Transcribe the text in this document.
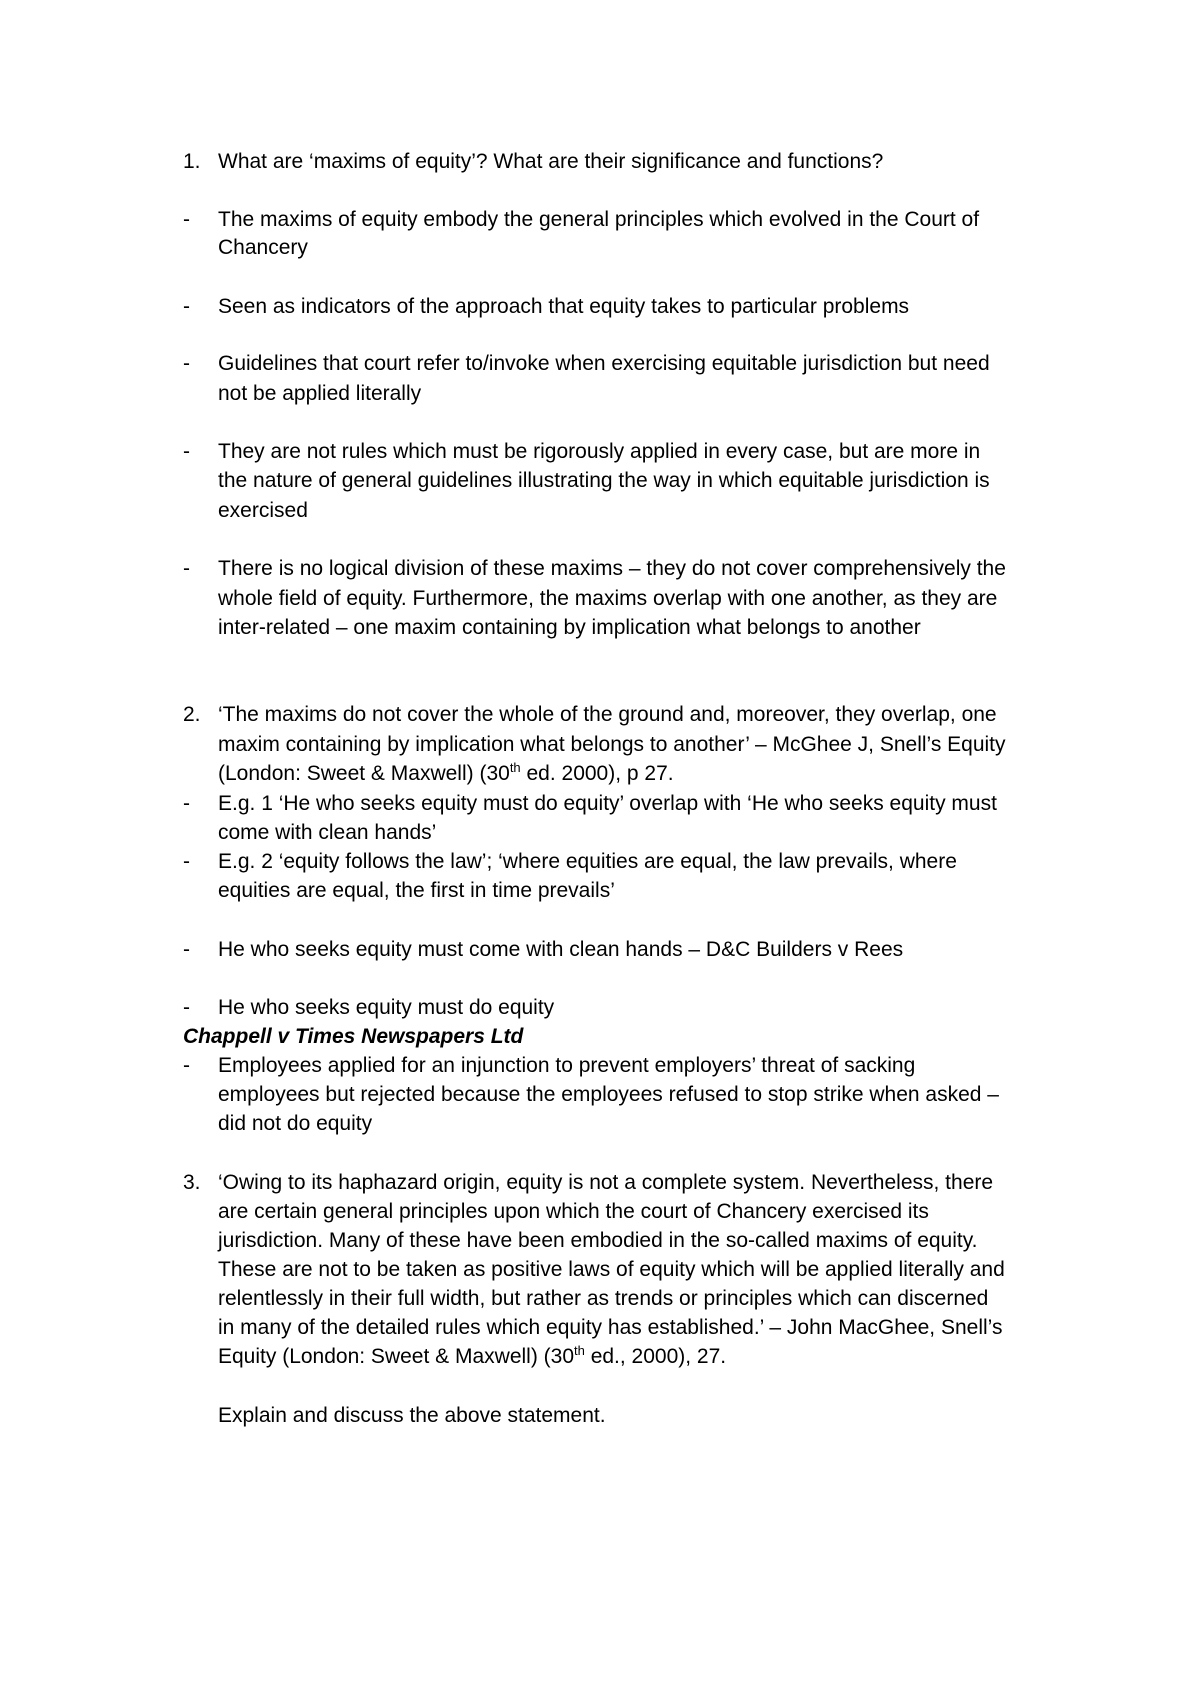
1. What are ‘maxims of equity’? What are their significance and functions?
- The maxims of equity embody the general principles which evolved in the Court of
Chancery
- Seen as indicators of the approach that equity takes to particular problems
- Guidelines that court refer to/invoke when exercising equitable jurisdiction but need
not be applied literally
- They are not rules which must be rigorously applied in every case, but are more in
the nature of general guidelines illustrating the way in which equitable jurisdiction is
exercised
- There is no logical division of these maxims – they do not cover comprehensively the
whole field of equity. Furthermore, the maxims overlap with one another, as they are
inter-related – one maxim containing by implication what belongs to another
2. ‘The maxims do not cover the whole of the ground and, moreover, they overlap, one
maxim containing by implication what belongs to another’ – McGhee J, Snell’s Equity
(London: Sweet & Maxwell) (30th ed. 2000), p 27.
- E.g. 1 ‘He who seeks equity must do equity’ overlap with ‘He who seeks equity must
come with clean hands’
- E.g. 2 ‘equity follows the law’; ‘where equities are equal, the law prevails, where
equities are equal, the first in time prevails’
- He who seeks equity must come with clean hands – D&C Builders v Rees
- He who seeks equity must do equity
Chappell v Times Newspapers Ltd
- Employees applied for an injunction to prevent employers’ threat of sacking
employees but rejected because the employees refused to stop strike when asked –
did not do equity
3. ‘Owing to its haphazard origin, equity is not a complete system. Nevertheless, there
are certain general principles upon which the court of Chancery exercised its
jurisdiction. Many of these have been embodied in the so-called maxims of equity.
These are not to be taken as positive laws of equity which will be applied literally and
relentlessly in their full width, but rather as trends or principles which can discerned
in many of the detailed rules which equity has established.’ – John MacGhee, Snell’s
Equity (London: Sweet & Maxwell) (30th ed., 2000), 27.
Explain and discuss the above statement.
